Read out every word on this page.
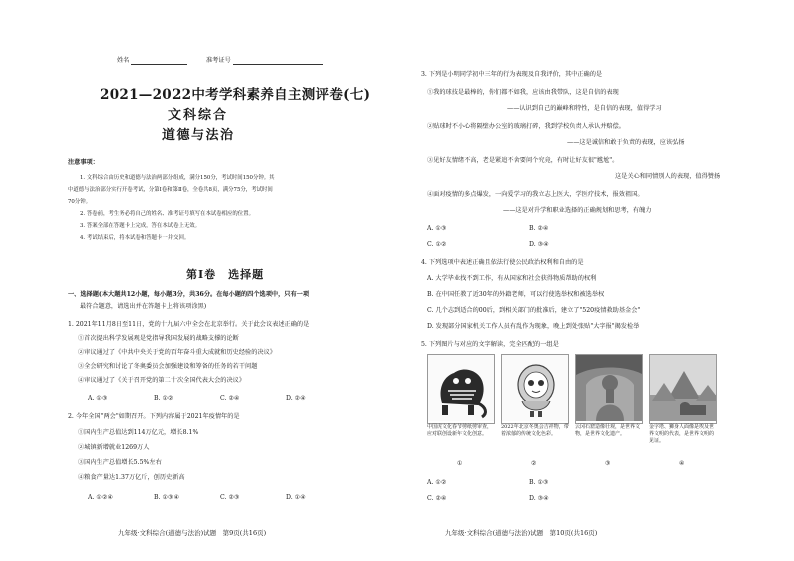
姓名	准考证号
2021—2022中考学科素养自主测评卷(七)
文科综合
道德与法治
注意事项：
1. 文科综合由历史和道德与法治两部分组成，满分150分，考试时间150分钟。其
中道德与法治部分实行开卷考试，分第Ⅰ卷和第Ⅱ卷，全卷共8页，满分75分，考试时间
70分钟。
2. 答卷前，考生务必将自己的姓名、准考证号填写在本试卷相应的位置。
3. 答案全部在答题卡上完成，答在本试卷上无效。
4. 考试结束后，将本试卷和答题卡一并交回。
第Ⅰ卷　选择题
一、选择题(本大题共12小题，每小题3分，共36分。在每小题的四个选项中，只有一项
最符合题意，请选出并在答题卡上将该项涂黑)
1. 2021年11月8日至11日，党的十九届六中全会在北京举行。关于此会议表述正确的是
①首次提出科学发展观是党指导我国发展的战略支撑的论断
②审议通过了《中共中央关于党的百年奋斗重大成就和历史经验的决议》
③全会研究和讨论了冬奥委员会加强建设和筹备的任务的若干问题
④审议通过了《关于召开党的第二十次全国代表大会的决议》
A. ①③	B. ①②	C. ②④	D. ②④
2. 今年全国"两会"如期召开。下列内容属于2021年疫情年的是
①国内生产总值达到114万亿元，增长8.1%
②城镇新增就业1269万人
③国内生产总值增长5.5%左右
④粮食产量达1.37万亿斤，创历史新高
A. ①②④	B. ①③④	C. ②③	D. ①④
九年级·文科综合(道德与法治)试题　第9页(共16页)
3. 下列是小明同学初中三年的行为表现及自我评价，其中正确的是
①我的球技是最棒的，你们都不如我，应该由我带队，这是自信的表现
——认识到自己的巅峰和特性，是自信的表现，值得学习
②贴球时不小心将隔壁办公室的玻璃打碎，我到学校负责人承认并赔偿。
——这是诚信和敢于负责的表现，应该弘扬
③见好友情绪不高，老是紧追不舍要问个究竟，有时让好友很"尴尬"。
这是关心和同情别人的表现，值得赞扬
④面对疫情的多点爆发，一向爱学习的我立志上医大，学医疗技术，报效祖国。
——这是对升学和职业选择的正确规划和思考，有魄力
A. ①③	B. ②④
C. ①②	D. ③④
4. 下列选项中表述正确且依法行使公民政治权利和自由的是
A. 大学毕业找不到工作，有从国家和社会获得物质帮助的权利
B. 在中国任教了近30年的外籍老师，可以行使选举权和被选举权
C. 几个志到适合的00后，到相关部门的批准后，建立了"520疫情救助基金会"
D. 发现部分国家机关工作人员有乱作为现象，晚上到处张贴"大字报"揭发检举
5. 下列图片与对应的文字解读，完全匹配的一组是
中国虎文化春节剪纸剪审查，应对联创设新年文化创意。
2022年北京冬奥会吉祥物，带着浓郁的传统文化色彩。
云冈石窟造像壮观，是世界文物，是世界文化遗产。
金字塔、狮身人面像是埃及世界文明的代表，是世界文明的见证。
①	②	③	④
A. ①②	B. ①③
C. ②④	D. ③④
九年级·文科综合(道德与法治)试题　第10页(共16页)
